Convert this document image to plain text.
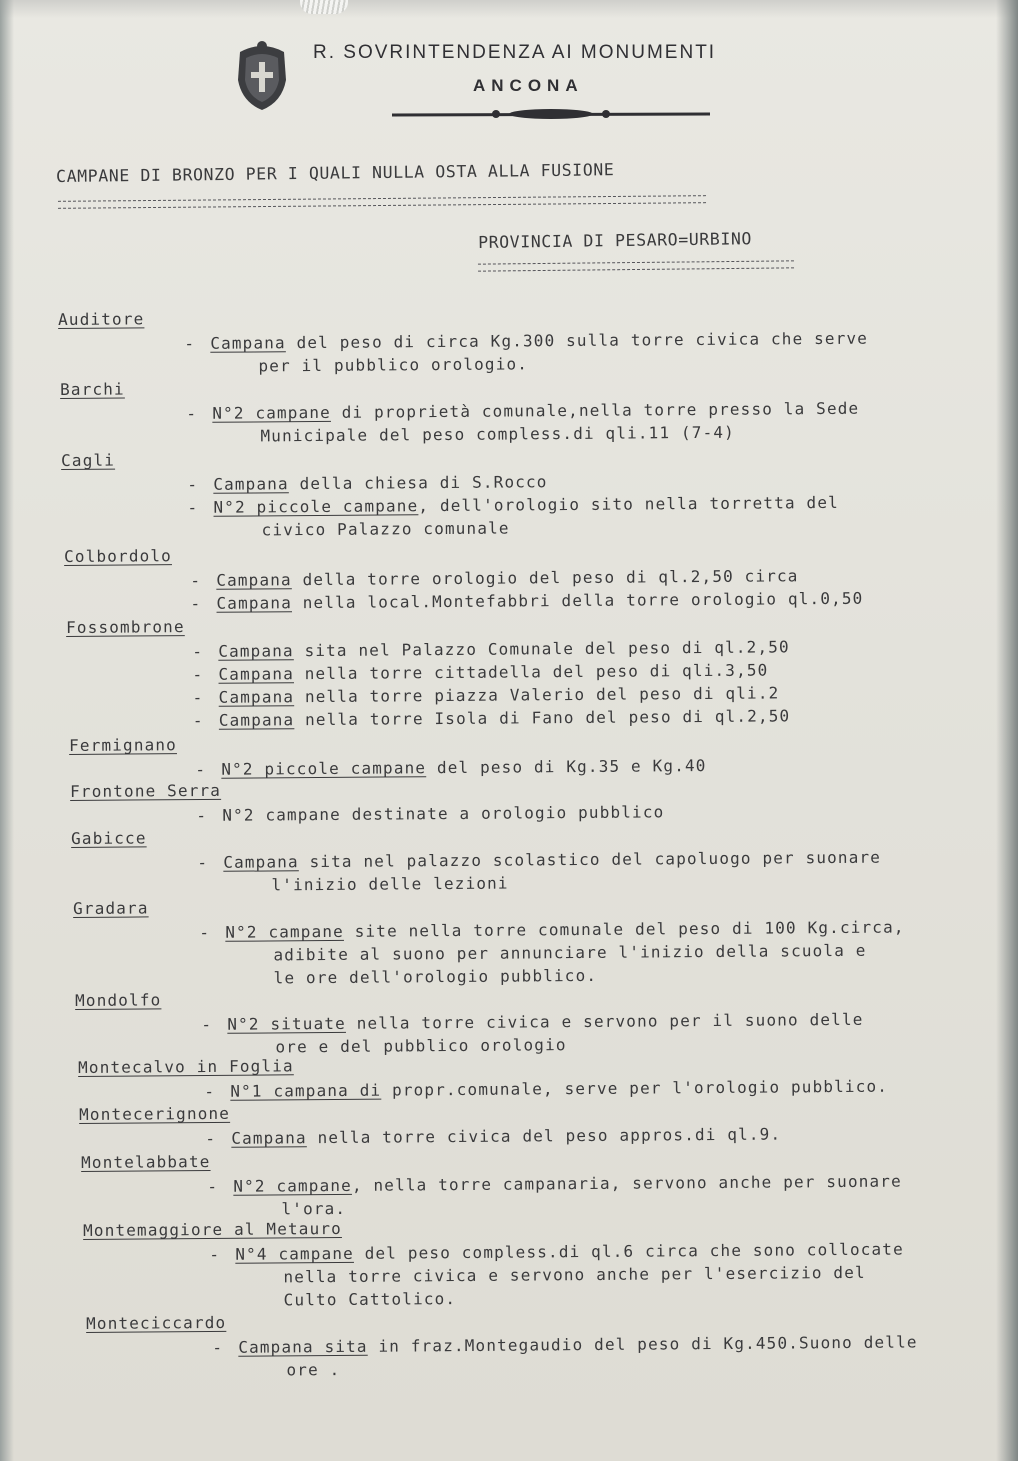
R. SOVRINTENDENZA AI MONUMENTI
ANCONA
CAMPANE DI BRONZO PER I QUALI NULLA OSTA ALLA FUSIONE
PROVINCIA DI PESARO=URBINO
Auditore
- Campana del peso di circa Kg.300 sulla torre civica che serve
per il pubblico orologio.
Barchi
- N°2 campane di proprietà comunale,nella torre presso la Sede
Municipale del peso compless.di qli.11 (7-4)
Cagli
- Campana della chiesa di S.Rocco
- N°2 piccole campane, dell'orologio sito nella torretta del
civico Palazzo comunale
Colbordolo
- Campana della torre orologio del peso di ql.2,50 circa
- Campana nella local.Montefabbri della torre orologio ql.0,50
Fossombrone
- Campana sita nel Palazzo Comunale del peso di ql.2,50
- Campana nella torre cittadella del peso di qli.3,50
- Campana nella torre piazza Valerio del peso di qli.2
- Campana nella torre Isola di Fano del peso di ql.2,50
Fermignano
- N°2 piccole campane del peso di Kg.35 e Kg.40
Frontone Serra
- N°2 campane destinate a orologio pubblico
Gabicce
- Campana sita nel palazzo scolastico del capoluogo per suonare
l'inizio delle lezioni
Gradara
- N°2 campane site nella torre comunale del peso di 100 Kg.circa,
adibite al suono per annunciare l'inizio della scuola e
le ore dell'orologio pubblico.
Mondolfo
- N°2 situate nella torre civica e servono per il suono delle
ore e del pubblico orologio
Montecalvo in Foglia
- N°1 campana di propr.comunale, serve per l'orologio pubblico.
Montecerignone
- Campana nella torre civica del peso appros.di ql.9.
Montelabbate
- N°2 campane, nella torre campanaria, servono anche per suonare
l'ora.
Montemaggiore al Metauro
- N°4 campane del peso compless.di ql.6 circa che sono collocate
nella torre civica e servono anche per l'esercizio del
Culto Cattolico.
Monteciccardo
- Campana sita in fraz.Montegaudio del peso di Kg.450.Suono delle
ore .
